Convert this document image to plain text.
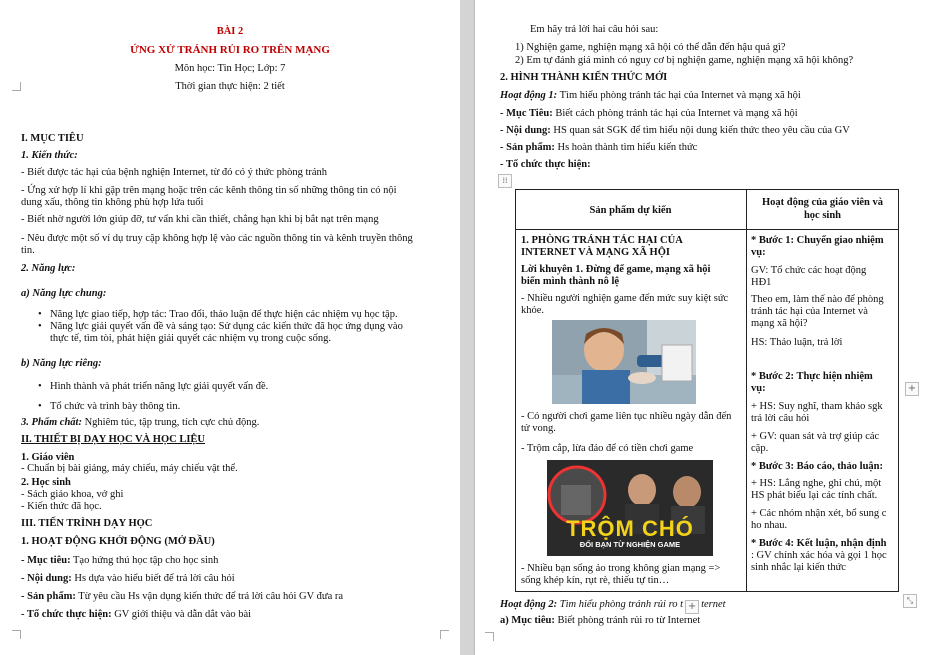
BÀI 2
ỨNG XỬ TRÁNH RỦI RO TRÊN MẠNG
Môn học: Tin Học; Lớp: 7
Thời gian thực hiện: 2 tiết
I. MỤC TIÊU
1. Kiến thức:
- Biết được tác hại của bệnh nghiện Internet, từ đó có ý thức phòng tránh
- Ứng xử hợp lí khi gặp trên mạng hoặc trên các kênh thông tin số những thông tin có nội
dung xấu, thông tin không phù hợp lứa tuổi
- Biết nhờ người lớn giúp đỡ, tư vấn khi cần thiết, chẳng hạn khi bị bắt nạt trên mạng
- Nêu được một số ví dụ truy cập không hợp lệ vào các nguồn thông tin và kênh truyền thông
tin.
2. Năng lực:
a) Năng lực chung:
• Năng lực giao tiếp, hợp tác: Trao đổi, thảo luận để thực hiện các nhiệm vụ học tập.
• Năng lực giải quyết vấn đề và sáng tạo: Sử dụng các kiến thức đã học ứng dụng vào
thực tế, tìm tòi, phát hiện giải quyết các nhiệm vụ trong cuộc sống.
b) Năng lực riêng:
• Hình thành và phát triển năng lực giải quyết vấn đề.
• Tổ chức và trình bày thông tin.
3. Phẩm chất: Nghiêm túc, tập trung, tích cực chủ động.
II. THIẾT BỊ DẠY HỌC VÀ HỌC LIỆU
1. Giáo viên
- Chuẩn bị bài giảng, máy chiếu, máy chiếu vật thể.
2. Học sinh
- Sách giáo khoa, vở ghi
- Kiến thức đã học.
III. TIẾN TRÌNH DẠY HỌC
1. HOẠT ĐỘNG KHỞI ĐỘNG (MỞ ĐẦU)
- Mục tiêu: Tạo hứng thú học tập cho học sinh
- Nội dung: Hs dựa vào hiểu biết để trả lời câu hỏi
- Sản phẩm: Từ yêu cầu Hs vận dụng kiến thức để trả lời câu hỏi GV đưa ra
- Tổ chức thực hiện: GV giới thiệu và dẫn dắt vào bài
Em hãy trả lời hai câu hỏi sau:
1) Nghiện game, nghiện mạng xã hội có thể dẫn đến hậu quả gì?
2) Em tự đánh giá mình có nguy cơ bị nghiện game, nghiện mạng xã hội không?
2. HÌNH THÀNH KIẾN THỨC MỚI
Hoạt động 1: Tìm hiểu phòng tránh tác hại của Internet và mạng xã hội
- Mục Tiêu: Biết cách phòng tránh tác hại của Internet và mạng xã hội
- Nội dung: HS quan sát SGK để tìm hiểu nội dung kiến thức theo yêu cầu của GV
- Sản phẩm: Hs hoàn thành tìm hiểu kiến thức
- Tổ chức thực hiện:
⁞⁞
Sản phẩm dự kiến
Hoạt động của giáo viên và
học sinh
1. PHÒNG TRÁNH TÁC HẠI CỦA
INTERNET VÀ MẠNG XÃ HỘI
Lời khuyên 1. Đừng để game, mạng xã hội
biến mình thành nô lệ
- Nhiều người nghiện game đến mức suy kiệt sức
khỏe.
- Có người chơi game liên tục nhiều ngày dẫn đến
tử vong.
- Trộm cắp, lừa đảo để có tiền chơi game
TRỘM CHÓ
ĐỐI BẠN TỪ NGHIỆN GAME
- Nhiều bạn sống ảo trong không gian mạng =>
sống khép kín, rụt rè, thiếu tự tin…
* Bước 1: Chuyển giao nhiệm
vụ:
GV: Tổ chức các hoạt động
HĐ1
Theo em, làm thế nào để phòng
tránh tác hại của Internet và
mạng xã hội?
HS: Thảo luận, trả lời
* Bước 2: Thực hiện nhiệm
vụ:
+ HS: Suy nghĩ, tham khảo sgk
trả lời câu hỏi
+ GV: quan sát và trợ giúp các
cặp.
* Bước 3: Báo cáo, thảo luận:
+ HS: Lắng nghe, ghi chú, một
HS phát biểu lại các tính chất.
+ Các nhóm nhận xét, bổ sung c
ho nhau.
* Bước 4: Kết luận, nhận định
: GV chính xác hóa và gọi 1 học
sinh nhắc lại kiến thức
+
⤡
Hoạt động 2: Tìm hiểu phòng tránh rủi ro t + ternet
a) Mục tiêu: Biết phòng tránh rủi ro từ Internet
